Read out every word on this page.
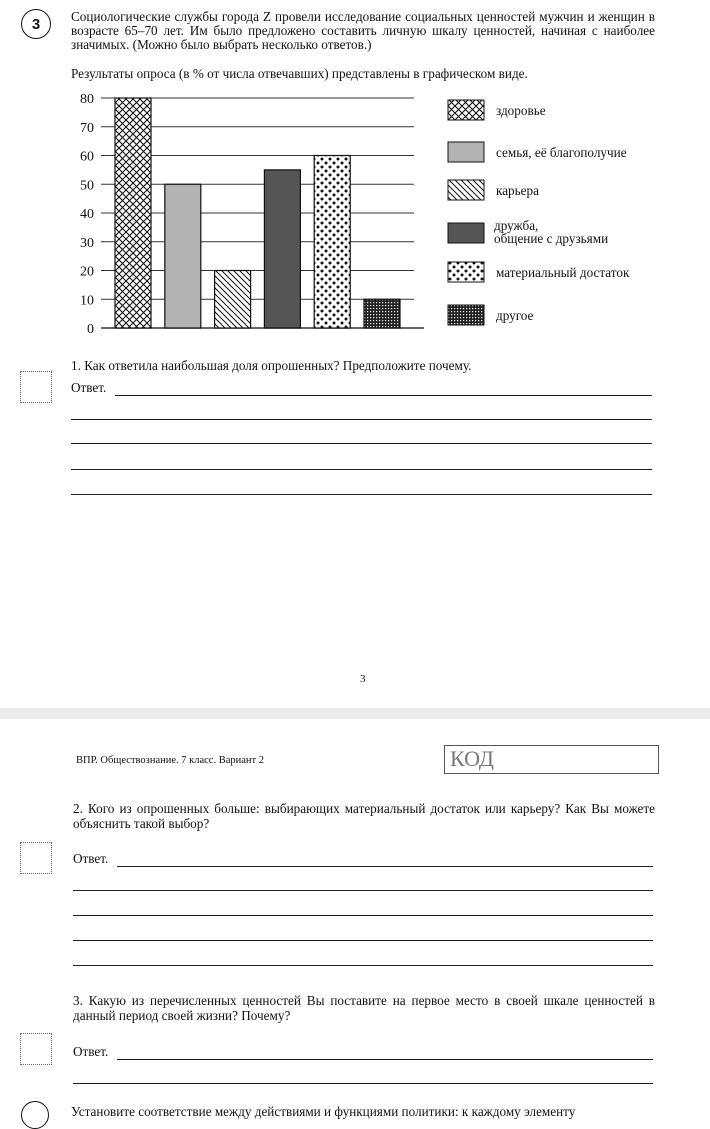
3 Социологические службы города Z провели исследование социальных ценностей мужчин и женщин в возрасте 65–70 лет. Им было предложено составить личную шкалу ценностей, начиная с наиболее значимых. (Можно было выбрать несколько ответов.)

Результаты опроса (в % от числа отвечавших) представлены в графическом виде.

0
10
20
30
40
50
60
70
80
здоровье
семья, её благополучие
карьера
дружба,
общение с друзьями
материальный достаток
другое

1. Как ответила наибольшая доля опрошенных? Предположите почему.

Ответ.

3
ВПР. Обществознание. 7 класс. Вариант 2	КОД

2. Кого из опрошенных больше: выбирающих материальный достаток или карьеру? Как Вы можете объяснить такой выбор?

Ответ.

3. Какую из перечисленных ценностей Вы поставите на первое место в своей шкале ценностей в данный период своей жизни? Почему?

Ответ.

Установите соответствие между действиями и функциями политики: к каждому элементу
